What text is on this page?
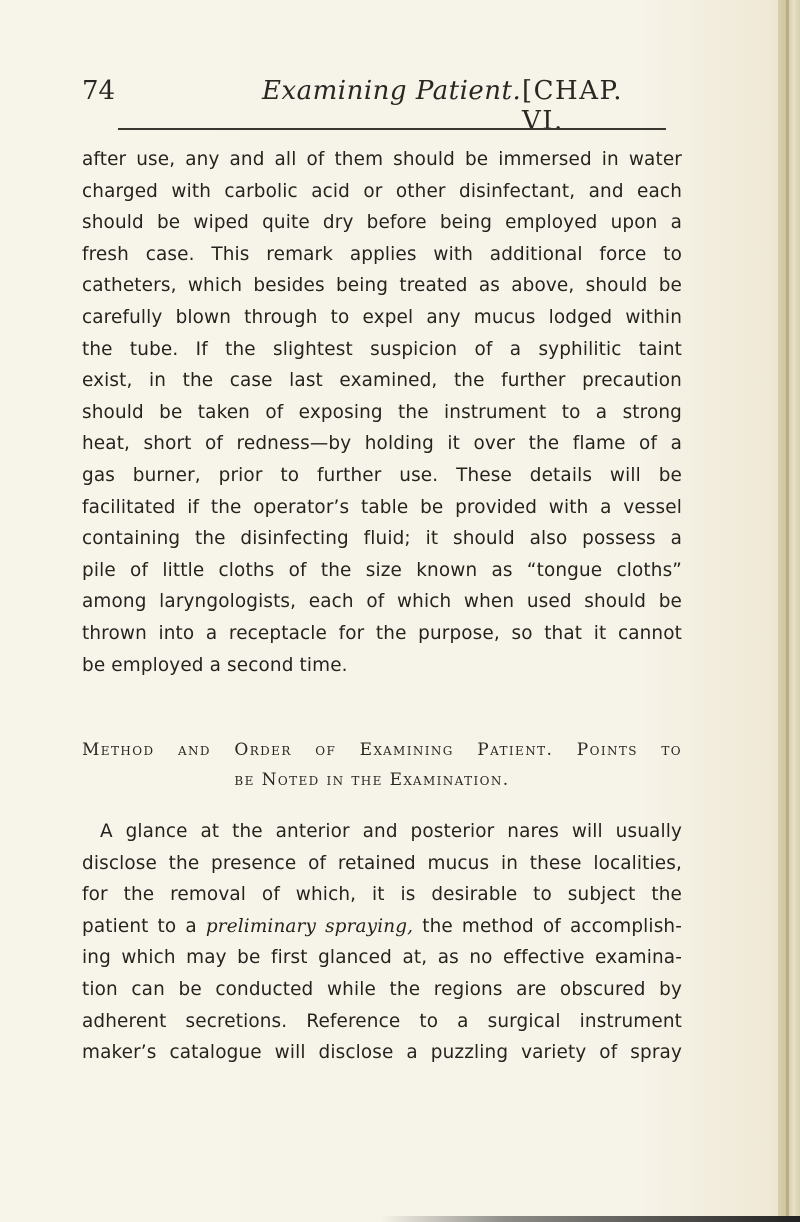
74	Examining Patient. [CHAP. VI.
after use, any and all of them should be immersed in water
charged with carbolic acid or other disinfectant, and each
should be wiped quite dry before being employed upon a
fresh case. This remark applies with additional force to
catheters, which besides being treated as above, should be
carefully blown through to expel any mucus lodged within
the tube. If the slightest suspicion of a syphilitic taint
exist, in the case last examined, the further precaution
should be taken of exposing the instrument to a strong
heat, short of redness—by holding it over the flame of a
gas burner, prior to further use. These details will be
facilitated if the operator’s table be provided with a vessel
containing the disinfecting fluid; it should also possess a
pile of little cloths of the size known as “tongue cloths”
among laryngologists, each of which when used should be
thrown into a receptacle for the purpose, so that it cannot
be employed a second time.
Method and Order of Examining Patient. Points to
be Noted in the Examination.
A glance at the anterior and posterior nares will usually
disclose the presence of retained mucus in these localities,
for the removal of which, it is desirable to subject the
patient to a preliminary spraying, the method of accomplish-
ing which may be first glanced at, as no effective examina-
tion can be conducted while the regions are obscured by
adherent secretions. Reference to a surgical instrument
maker’s catalogue will disclose a puzzling variety of spray
